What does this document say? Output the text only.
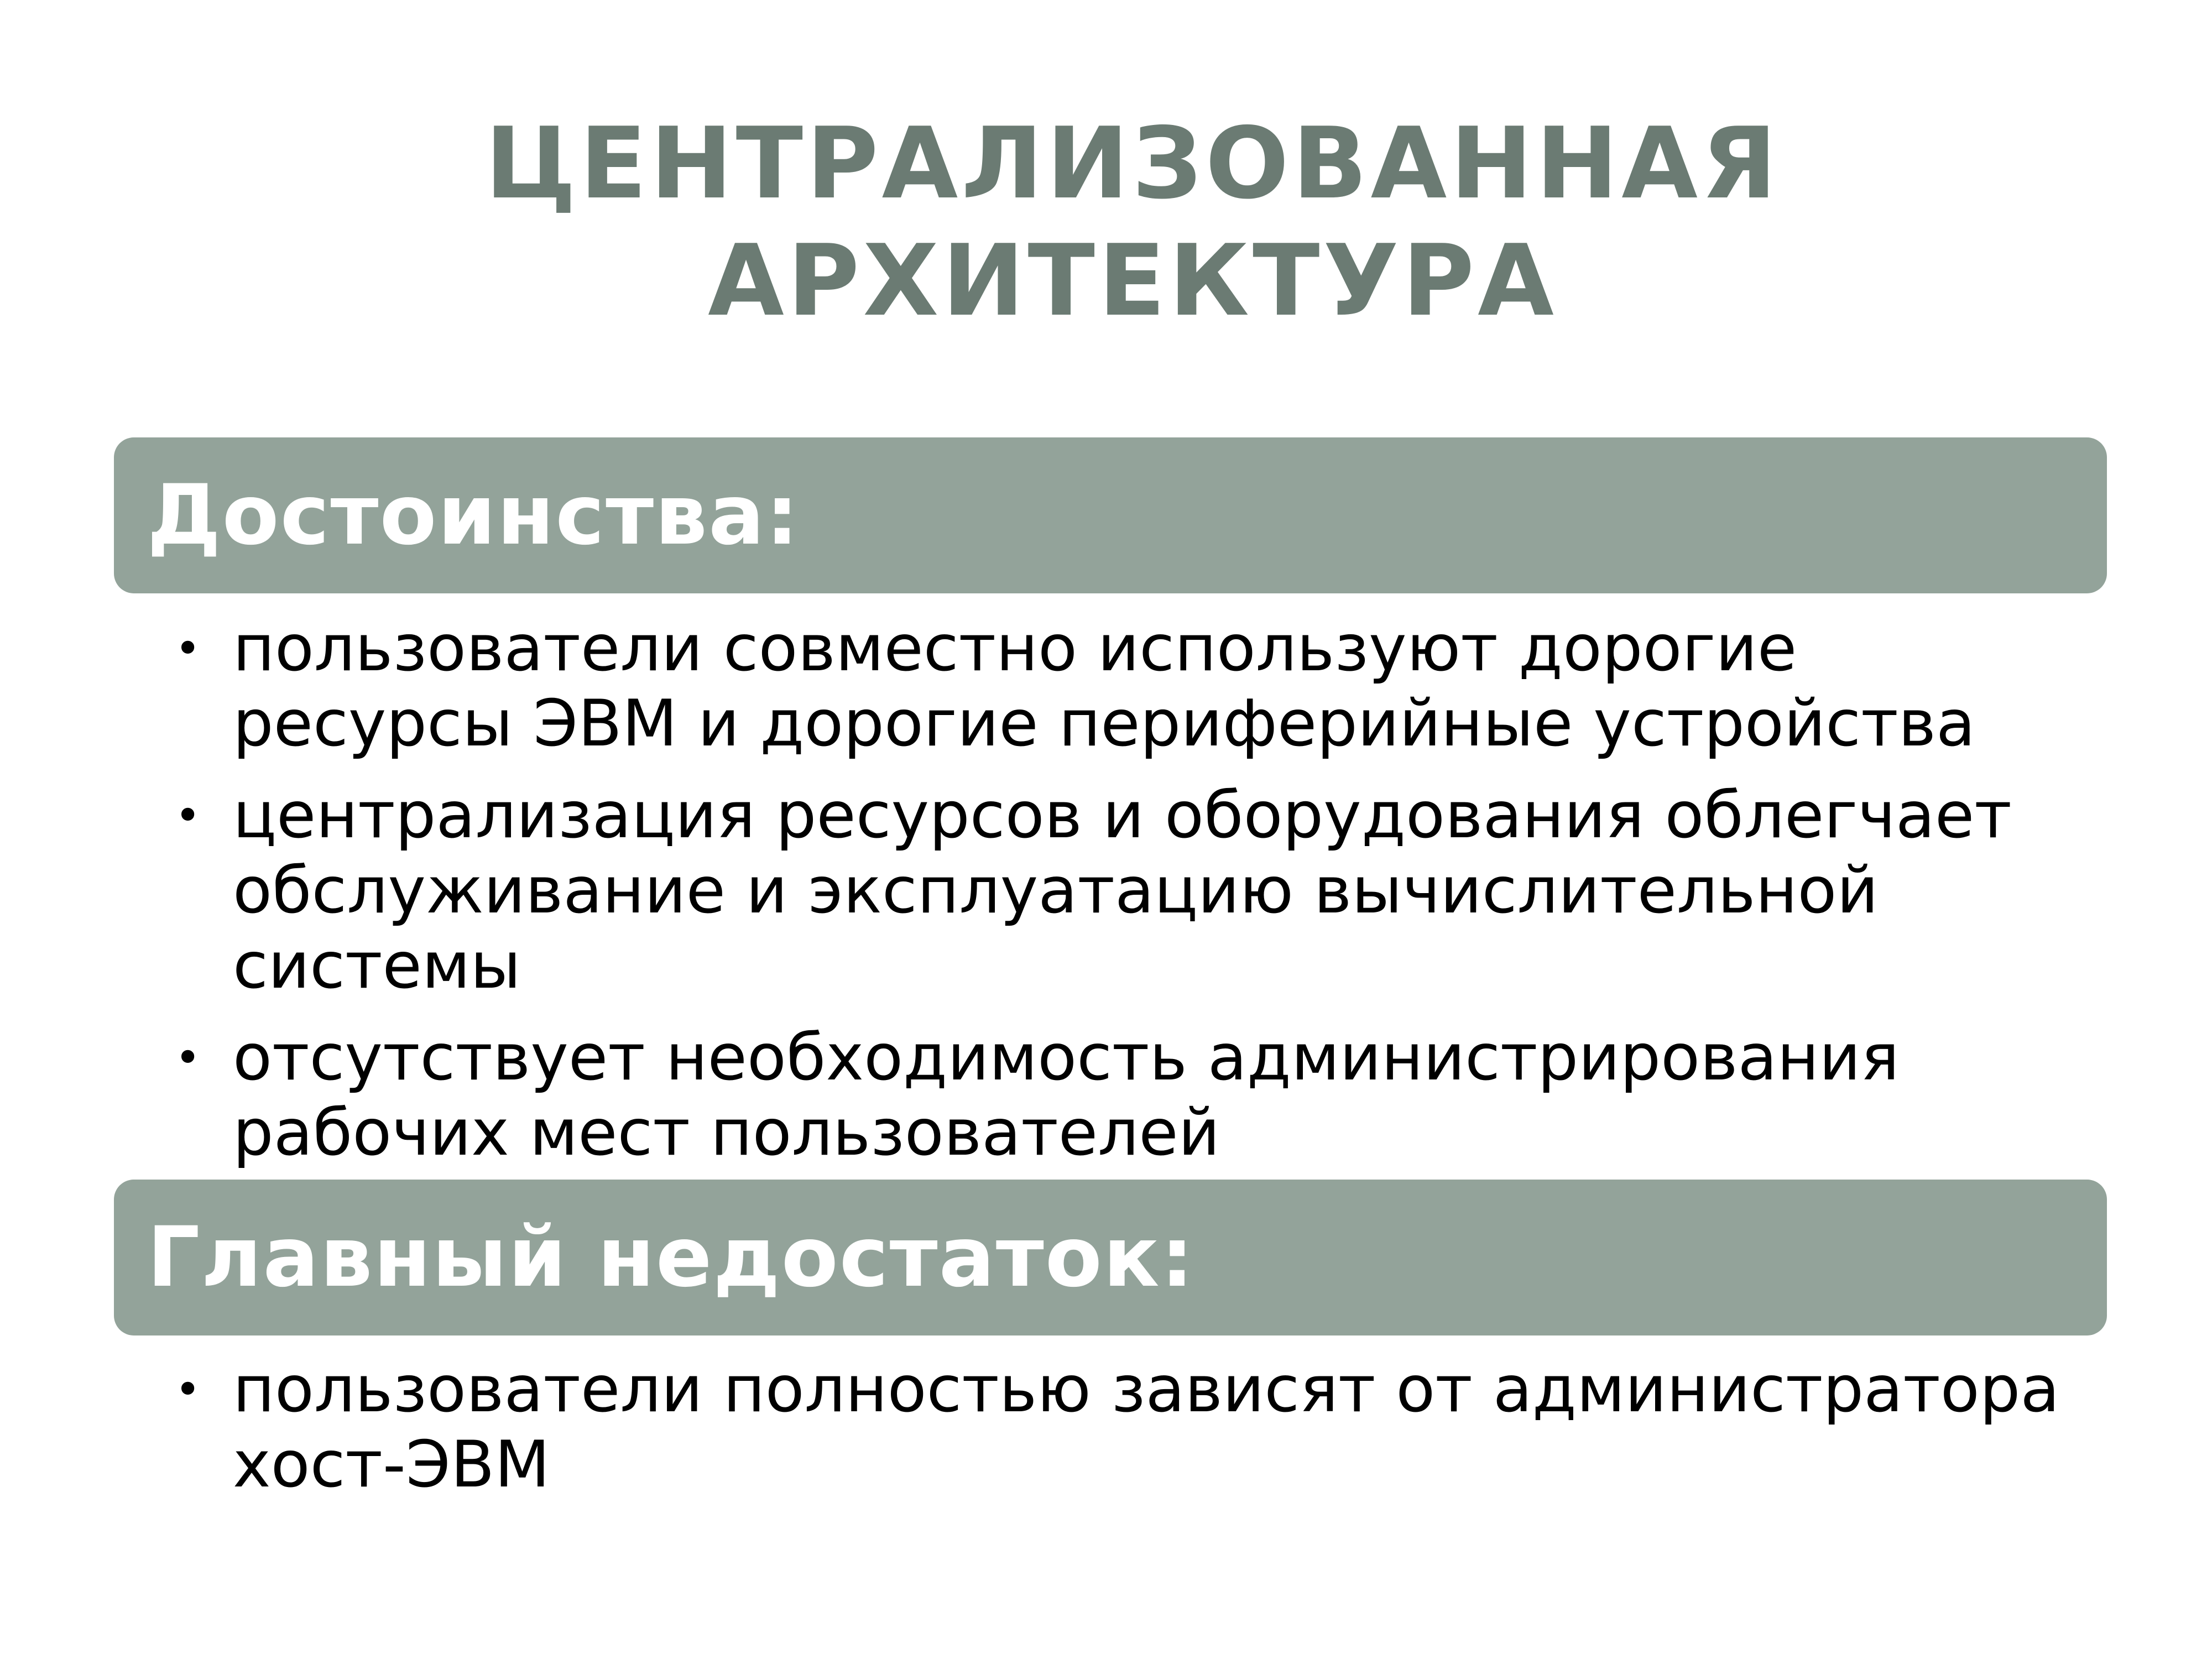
ЦЕНТРАЛИЗОВАННАЯ
АРХИТЕКТУРА
Достоинства:
• пользователи совместно используют дорогие ресурсы ЭВМ и дорогие периферийные устройства
• централизация ресурсов и оборудования облегчает обслуживание и эксплуатацию вычислительной системы
• отсутствует необходимость администрирования рабочих мест пользователей
Главный недостаток:
• пользователи полностью зависят от администратора хост-ЭВМ
